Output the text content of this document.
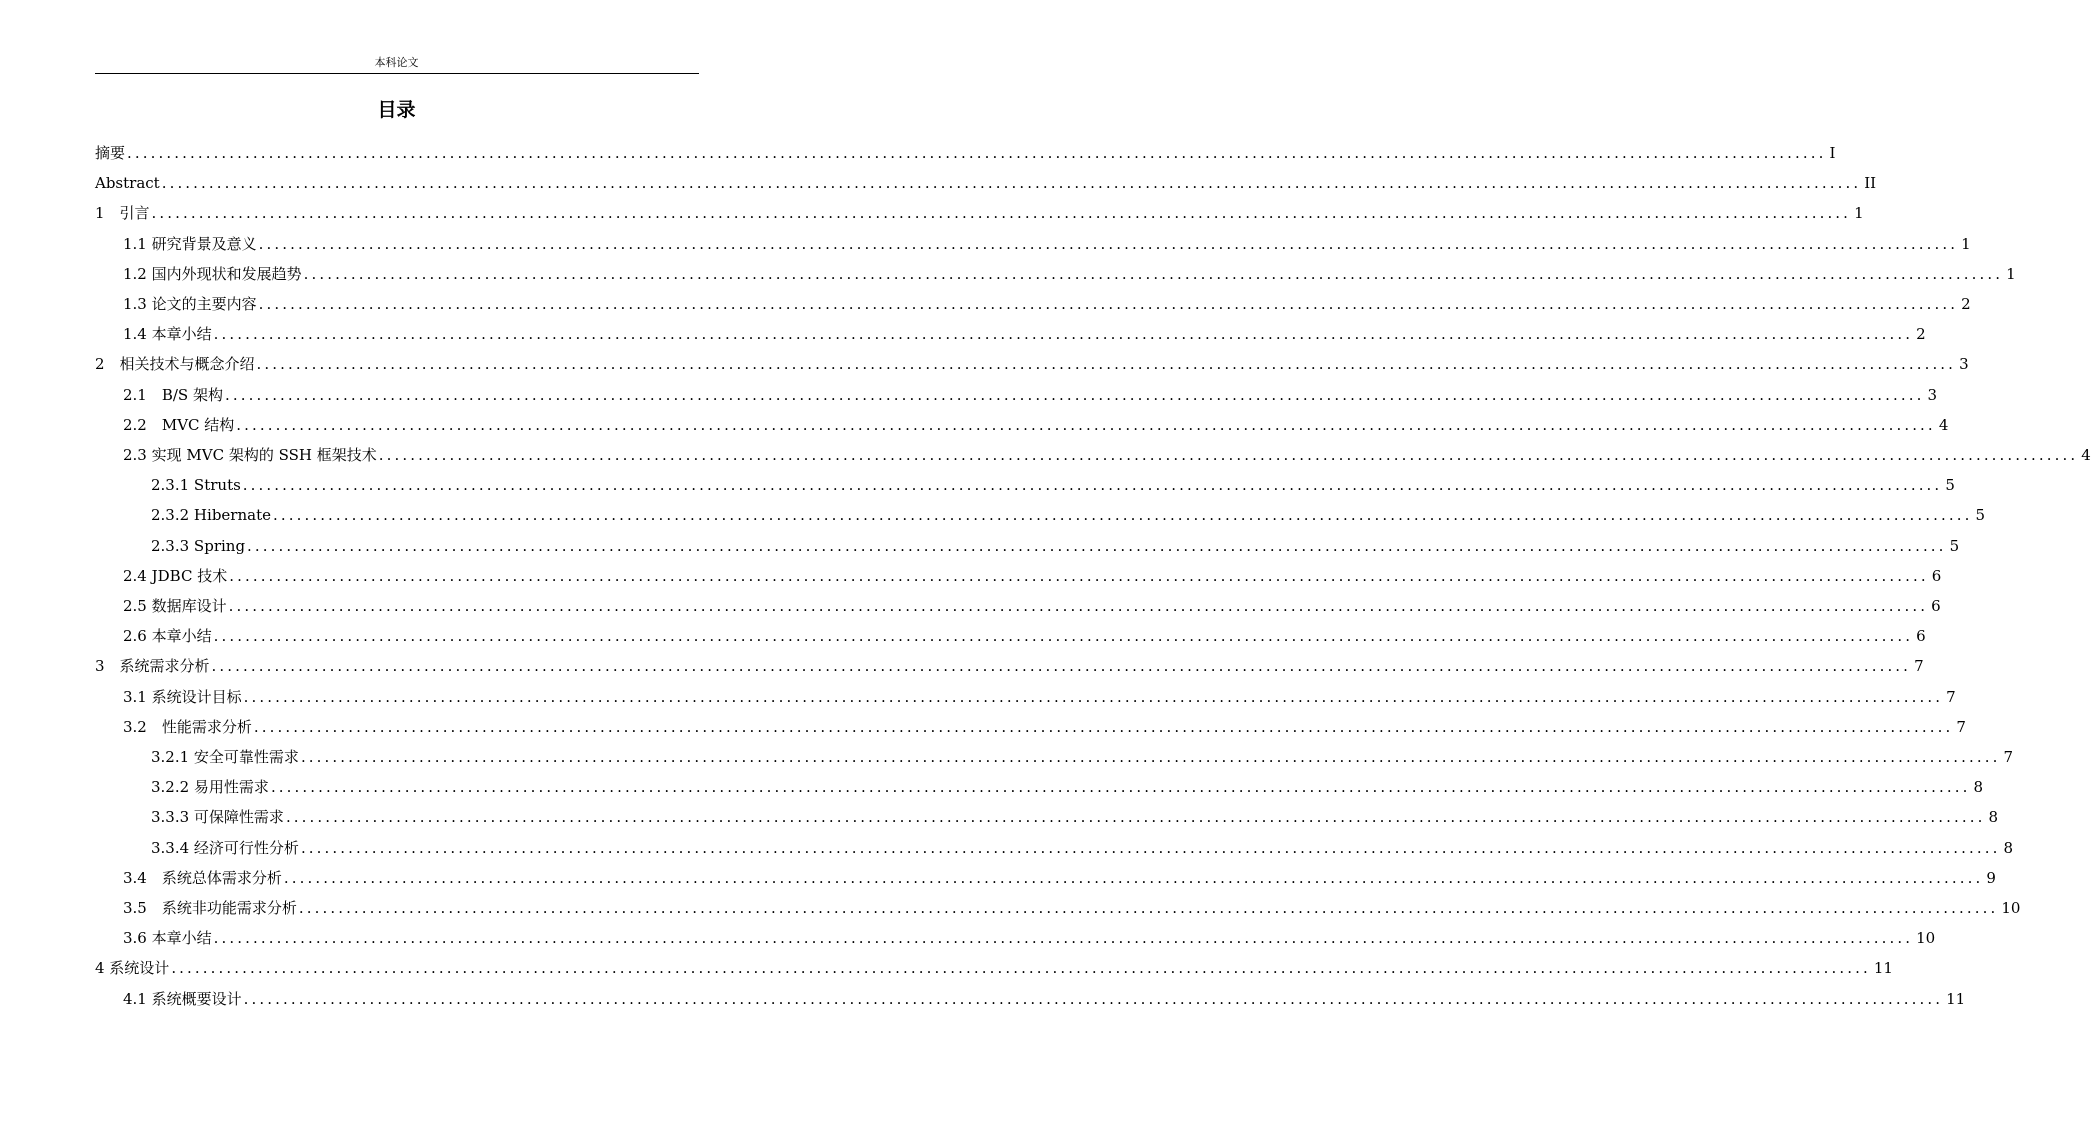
本科论文
目录
摘要 ........................................................................................................................................................................................................................ I
Abstract ........................................................................................................................................................................................................................ II
1　引言 ........................................................................................................................................................................................................................ 1
1.1 研究背景及意义 ........................................................................................................................................................................................................................ 1
1.2 国内外现状和发展趋势 ........................................................................................................................................................................................................................ 1
1.3 论文的主要内容 ........................................................................................................................................................................................................................ 2
1.4 本章小结 ........................................................................................................................................................................................................................ 2
2　相关技术与概念介绍 ........................................................................................................................................................................................................................ 3
2.1　B/S 架构 ........................................................................................................................................................................................................................ 3
2.2　MVC 结构 ........................................................................................................................................................................................................................ 4
2.3 实现 MVC 架构的 SSH 框架技术 ........................................................................................................................................................................................................................ 4
2.3.1 Struts ........................................................................................................................................................................................................................ 5
2.3.2 Hibernate ........................................................................................................................................................................................................................ 5
2.3.3 Spring ........................................................................................................................................................................................................................ 5
2.4 JDBC 技术 ........................................................................................................................................................................................................................ 6
2.5 数据库设计 ........................................................................................................................................................................................................................ 6
2.6 本章小结 ........................................................................................................................................................................................................................ 6
3　系统需求分析 ........................................................................................................................................................................................................................ 7
3.1 系统设计目标 ........................................................................................................................................................................................................................ 7
3.2　性能需求分析 ........................................................................................................................................................................................................................ 7
3.2.1 安全可靠性需求 ........................................................................................................................................................................................................................ 7
3.2.2 易用性需求 ........................................................................................................................................................................................................................ 8
3.3.3 可保障性需求 ........................................................................................................................................................................................................................ 8
3.3.4 经济可行性分析 ........................................................................................................................................................................................................................ 8
3.4　系统总体需求分析 ........................................................................................................................................................................................................................ 9
3.5　系统非功能需求分析 ........................................................................................................................................................................................................................ 10
3.6 本章小结 ........................................................................................................................................................................................................................ 10
4 系统设计 ........................................................................................................................................................................................................................ 11
4.1 系统概要设计 ........................................................................................................................................................................................................................ 11
